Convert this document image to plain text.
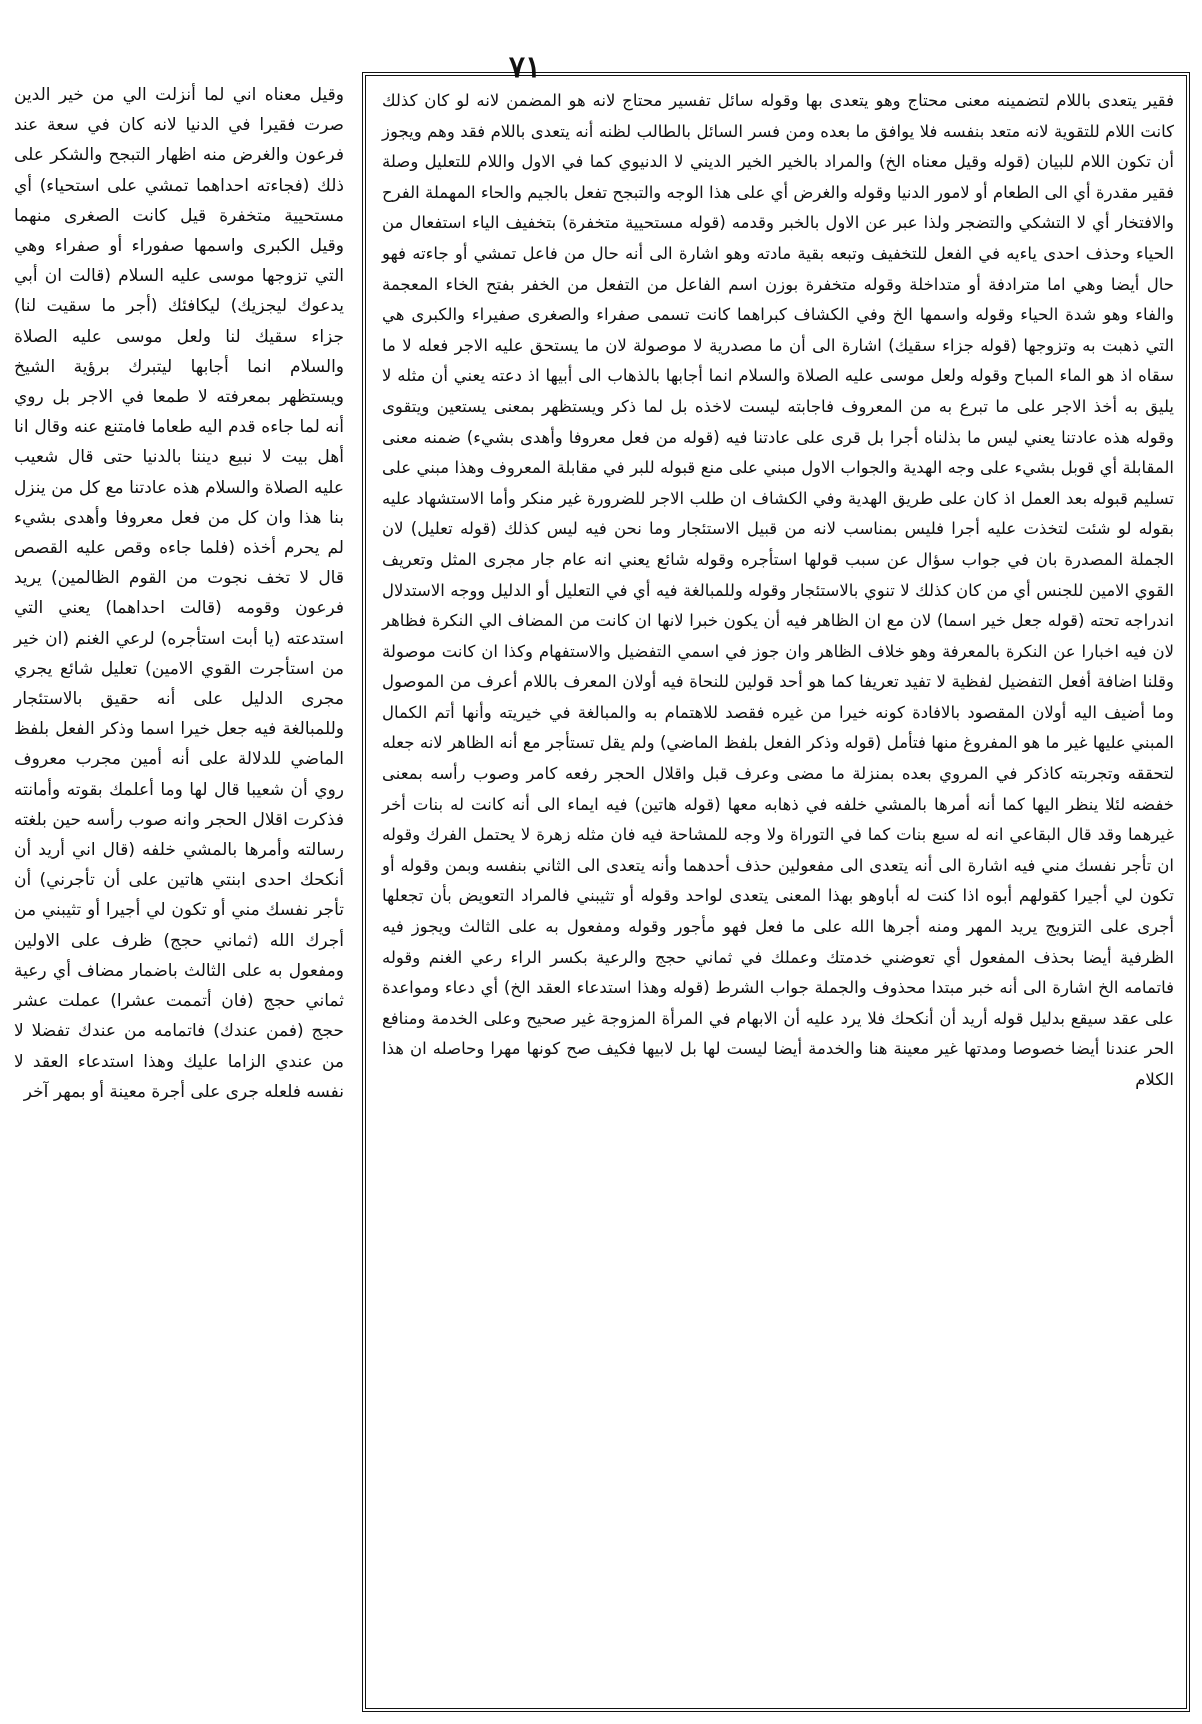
٧١

وقيل معناه اني لما أنزلت الي من خير الدين صرت فقيرا في الدنيا لانه كان في سعة عند فرعون والغرض منه اظهار التبجح والشكر على ذلك (فجاءته احداهما تمشي على استحياء) أي مستحيية متخفرة قيل كانت الصغرى منهما وقيل الكبرى واسمها صفوراء أو صفراء وهي التي تزوجها موسى عليه السلام (قالت ان أبي يدعوك ليجزيك) ليكافئك (أجر ما سقيت لنا) جزاء سقيك لنا ولعل موسى عليه الصلاة والسلام انما أجابها ليتبرك برؤية الشيخ ويستظهر بمعرفته لا طمعا في الاجر بل روي أنه لما جاءه قدم اليه طعاما فامتنع عنه وقال انا أهل بيت لا نبيع ديننا بالدنيا حتى قال شعيب عليه الصلاة والسلام هذه عادتنا مع كل من ينزل بنا هذا وان كل من فعل معروفا وأهدى بشيء لم يحرم أخذه (فلما جاءه وقص عليه القصص قال لا تخف نجوت من القوم الظالمين) يريد فرعون وقومه (قالت احداهما) يعني التي استدعته (يا أبت استأجره) لرعي الغنم (ان خير من استأجرت القوي الامين) تعليل شائع يجري مجرى الدليل على أنه حقيق بالاستئجار وللمبالغة فيه جعل خيرا اسما وذكر الفعل بلفظ الماضي للدلالة على أنه أمين مجرب معروف روي أن شعيبا قال لها وما أعلمك بقوته وأمانته فذكرت اقلال الحجر وانه صوب رأسه حين بلغته رسالته وأمرها بالمشي خلفه (قال اني أريد أن أنكحك احدى ابنتي هاتين على أن تأجرني) أن تأجر نفسك مني أو تكون لي أجيرا أو تثيبني من أجرك الله (ثماني حجج) ظرف على الاولين ومفعول به على الثالث باضمار مضاف أي رعية ثماني حجج (فان أتممت عشرا) عملت عشر حجج (فمن عندك) فاتمامه من عندك تفضلا لا من عندي الزاما عليك وهذا استدعاء العقد لا نفسه فلعله جرى على أجرة معينة أو بمهر آخر

فقير يتعدى باللام لتضمينه معنى محتاج وهو يتعدى بها وقوله سائل تفسير محتاج لانه هو المضمن لانه لو كان كذلك كانت اللام للتقوية لانه متعد بنفسه فلا يوافق ما بعده ومن فسر السائل بالطالب لظنه أنه يتعدى باللام فقد وهم ويجوز أن تكون اللام للبيان (قوله وقيل معناه الخ) والمراد بالخير الخير الديني لا الدنيوي كما في الاول واللام للتعليل وصلة فقير مقدرة أي الى الطعام أو لامور الدنيا وقوله والغرض أي على هذا الوجه والتبجح تفعل بالجيم والحاء المهملة الفرح والافتخار أي لا التشكي والتضجر ولذا عبر عن الاول بالخبر وقدمه (قوله مستحيية متخفرة) بتخفيف الياء استفعال من الحياء وحذف احدى ياءيه في الفعل للتخفيف وتبعه بقية مادته وهو اشارة الى أنه حال من فاعل تمشي أو جاءته فهو حال أيضا وهي اما مترادفة أو متداخلة وقوله متخفرة بوزن اسم الفاعل من التفعل من الخفر بفتح الخاء المعجمة والفاء وهو شدة الحياء وقوله واسمها الخ وفي الكشاف كبراهما كانت تسمى صفراء والصغرى صفيراء والكبرى هي التي ذهبت به وتزوجها (قوله جزاء سقيك) اشارة الى أن ما مصدرية لا موصولة لان ما يستحق عليه الاجر فعله لا ما سقاه اذ هو الماء المباح وقوله ولعل موسى عليه الصلاة والسلام انما أجابها بالذهاب الى أبيها اذ دعته يعني أن مثله لا يليق به أخذ الاجر على ما تبرع به من المعروف فاجابته ليست لاخذه بل لما ذكر ويستظهر بمعنى يستعين ويتقوى وقوله هذه عادتنا يعني ليس ما بذلناه أجرا بل قرى على عادتنا فيه (قوله من فعل معروفا وأهدى بشيء) ضمنه معنى المقابلة أي قوبل بشيء على وجه الهدية والجواب الاول مبني على منع قبوله للبر في مقابلة المعروف وهذا مبني على تسليم قبوله بعد العمل اذ كان على طريق الهدية وفي الكشاف ان طلب الاجر للضرورة غير منكر وأما الاستشهاد عليه بقوله لو شئت لتخذت عليه أجرا فليس بمناسب لانه من قبيل الاستئجار وما نحن فيه ليس كذلك (قوله تعليل) لان الجملة المصدرة بان في جواب سؤال عن سبب قولها استأجره وقوله شائع يعني انه عام جار مجرى المثل وتعريف القوي الامين للجنس أي من كان كذلك لا تنوي بالاستئجار وقوله وللمبالغة فيه أي في التعليل أو الدليل ووجه الاستدلال اندراجه تحته (قوله جعل خير اسما) لان مع ان الظاهر فيه أن يكون خبرا لانها ان كانت من المضاف الي النكرة فظاهر لان فيه اخبارا عن النكرة بالمعرفة وهو خلاف الظاهر وان جوز في اسمي التفضيل والاستفهام وكذا ان كانت موصولة وقلنا اضافة أفعل التفضيل لفظية لا تفيد تعريفا كما هو أحد قولين للنحاة فيه أولان المعرف باللام أعرف من الموصول وما أضيف اليه أولان المقصود بالافادة كونه خيرا من غيره فقصد للاهتمام به والمبالغة في خيريته وأنها أتم الكمال المبني عليها غير ما هو المفروغ منها فتأمل (قوله وذكر الفعل بلفظ الماضي) ولم يقل تستأجر مع أنه الظاهر لانه جعله لتحققه وتجربته كاذكر في المروي بعده بمنزلة ما مضى وعرف قبل واقلال الحجر رفعه كامر وصوب رأسه بمعنى خفضه لئلا ينظر اليها كما أنه أمرها بالمشي خلفه في ذهابه معها (قوله هاتين) فيه ايماء الى أنه كانت له بنات أخر غيرهما وقد قال البقاعي انه له سبع بنات كما في التوراة ولا وجه للمشاحة فيه فان مثله زهرة لا يحتمل الفرك وقوله ان تأجر نفسك مني فيه اشارة الى أنه يتعدى الى مفعولين حذف أحدهما وأنه يتعدى الى الثاني بنفسه وبمن وقوله أو تكون لي أجيرا كقولهم أبوه اذا كنت له أباوهو بهذا المعنى يتعدى لواحد وقوله أو تثيبني فالمراد التعويض بأن تجعلها أجرى على التزويج يريد المهر ومنه أجرها الله على ما فعل فهو مأجور وقوله ومفعول به على الثالث ويجوز فيه الظرفية أيضا بحذف المفعول أي تعوضني خدمتك وعملك في ثماني حجج والرعية بكسر الراء رعي الغنم وقوله فاتمامه الخ اشارة الى أنه خبر مبتدا محذوف والجملة جواب الشرط (قوله وهذا استدعاء العقد الخ) أي دعاء ومواعدة على عقد سيقع بدليل قوله أريد أن أنكحك فلا يرد عليه أن الابهام في المرأة المزوجة غير صحيح وعلى الخدمة ومنافع الحر عندنا أيضا خصوصا ومدتها غير معينة هنا والخدمة أيضا ليست لها بل لابيها فكيف صح كونها مهرا وحاصله ان هذا الكلام
